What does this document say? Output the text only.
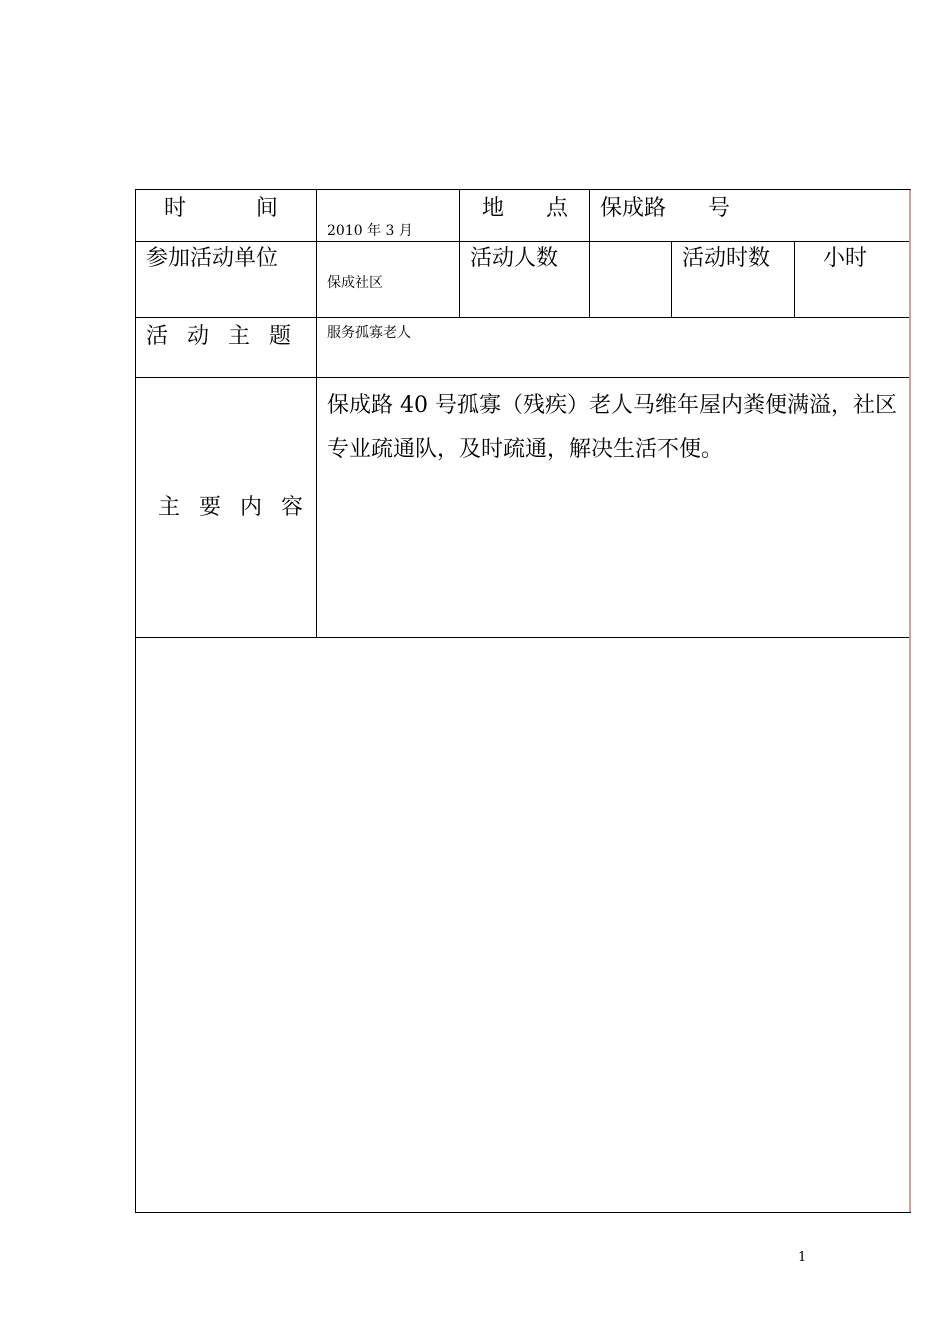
时          间	2010 年 3 月	地      点	保成路      号		
参加活动单位	保成社区	活动人数		活动时数	小时
活 动 主 题	服务孤寡老人				
主 要 内 容	保成路 40 号孤寡（残疾）老人马维年屋内粪便满溢，社区专业疏通队，及时疏通，解决生活不便。				

1
